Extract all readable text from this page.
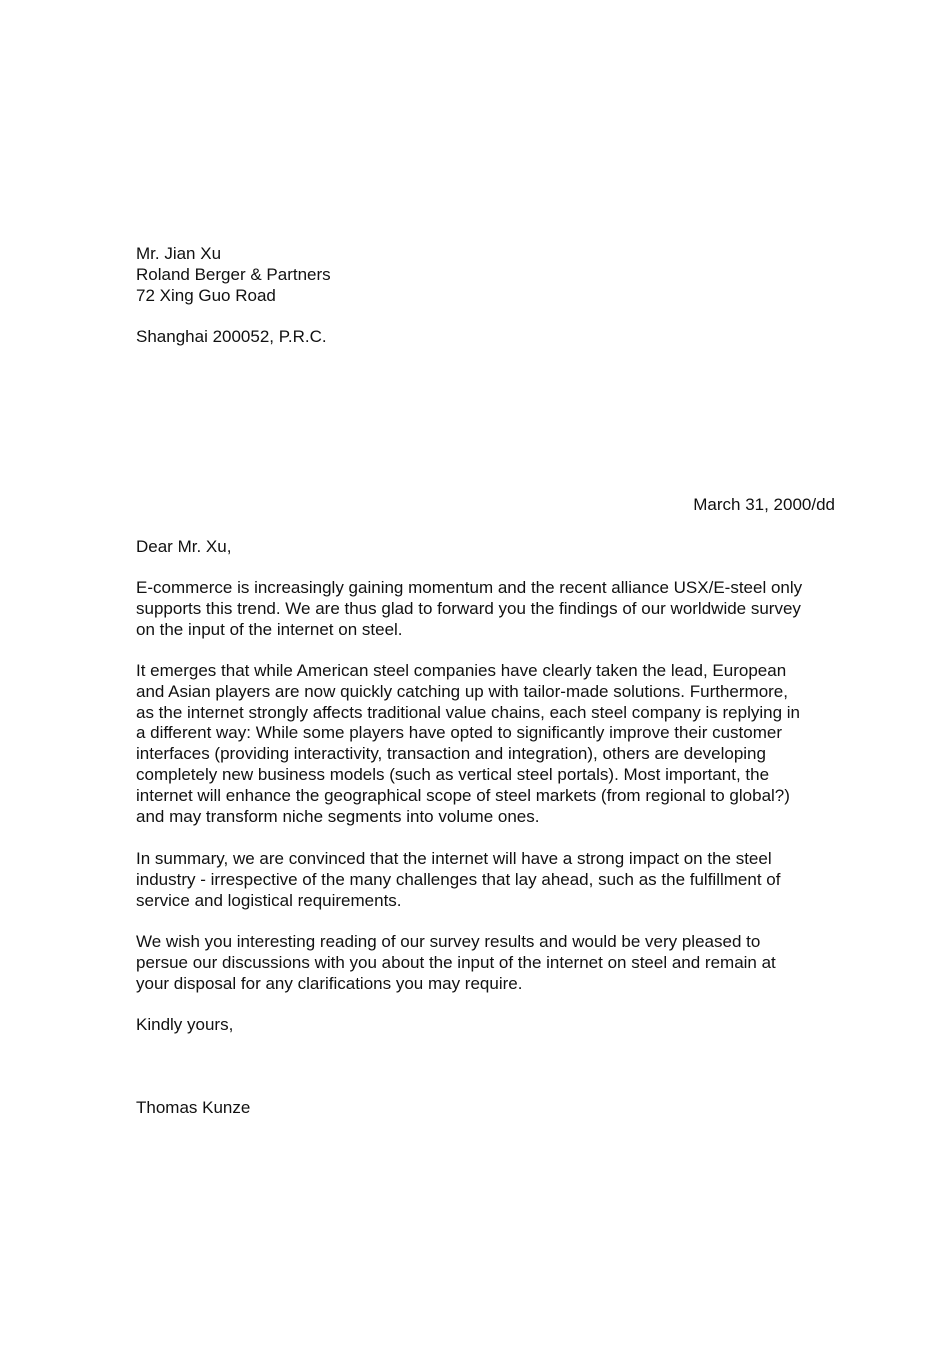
Mr. Jian Xu
Roland Berger & Partners
72 Xing Guo Road
Shanghai 200052, P.R.C.
March 31, 2000/dd
Dear Mr. Xu,
E-commerce is increasingly gaining momentum and the recent alliance USX/E-steel only
supports this trend. We are thus glad to forward you the findings of our worldwide survey
on the input of the internet on steel.
It emerges that while American steel companies have clearly taken the lead, European
and Asian players are now quickly catching up with tailor-made solutions. Furthermore,
as the internet strongly affects traditional value chains, each steel company is replying in
a different way: While some players have opted to significantly improve their customer
interfaces (providing interactivity, transaction and integration), others are developing
completely new business models (such as vertical steel portals). Most important, the
internet will enhance the geographical scope of steel markets (from regional to global?)
and may transform niche segments into volume ones.
In summary, we are convinced that the internet will have a strong impact on the steel
industry - irrespective of the many challenges that lay ahead, such as the fulfillment of
service and logistical requirements.
We wish you interesting reading of our survey results and would be very pleased to
persue our discussions with you about the input of the internet on steel and remain at
your disposal for any clarifications you may require.
Kindly yours,
Thomas Kunze
